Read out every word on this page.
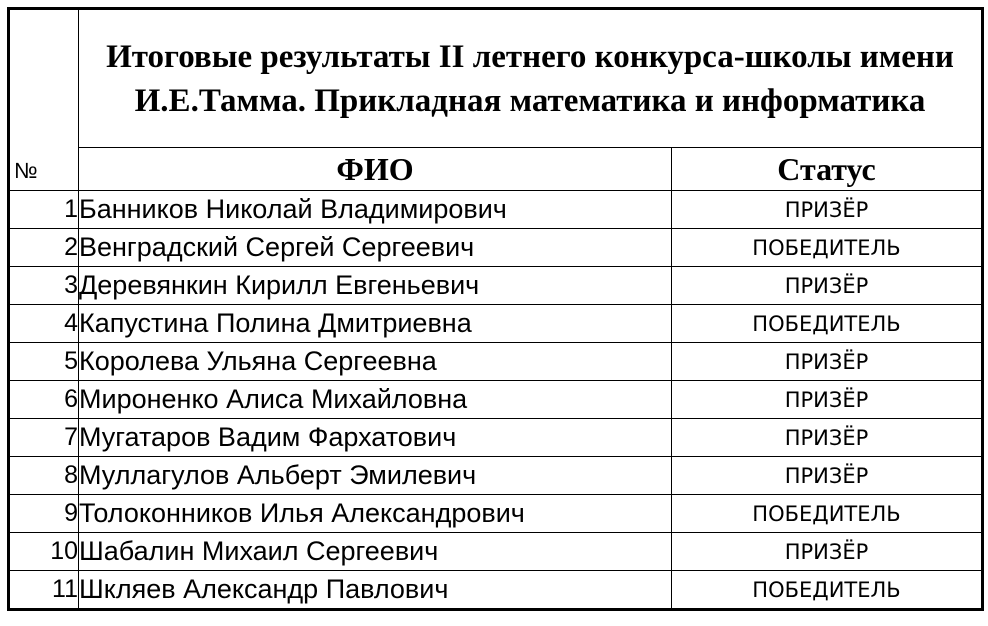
№	Итоговые результаты II летнего конкурса-школы имени И.Е.Тамма. Прикладная математика и информатика	
	ФИО	Статус
1	Банников Николай Владимирович	ПРИЗЁР
2	Венградский Сергей Сергеевич	ПОБЕДИТЕЛЬ
3	Деревянкин Кирилл Евгеньевич	ПРИЗЁР
4	Капустина Полина Дмитриевна	ПОБЕДИТЕЛЬ
5	Королева Ульяна Сергеевна	ПРИЗЁР
6	Мироненко Алиса Михайловна	ПРИЗЁР
7	Мугатаров Вадим Фархатович	ПРИЗЁР
8	Муллагулов Альберт Эмилевич	ПРИЗЁР
9	Толоконников Илья Александрович	ПОБЕДИТЕЛЬ
10	Шабалин Михаил Сергеевич	ПРИЗЁР
11	Шкляев Александр Павлович	ПОБЕДИТЕЛЬ
